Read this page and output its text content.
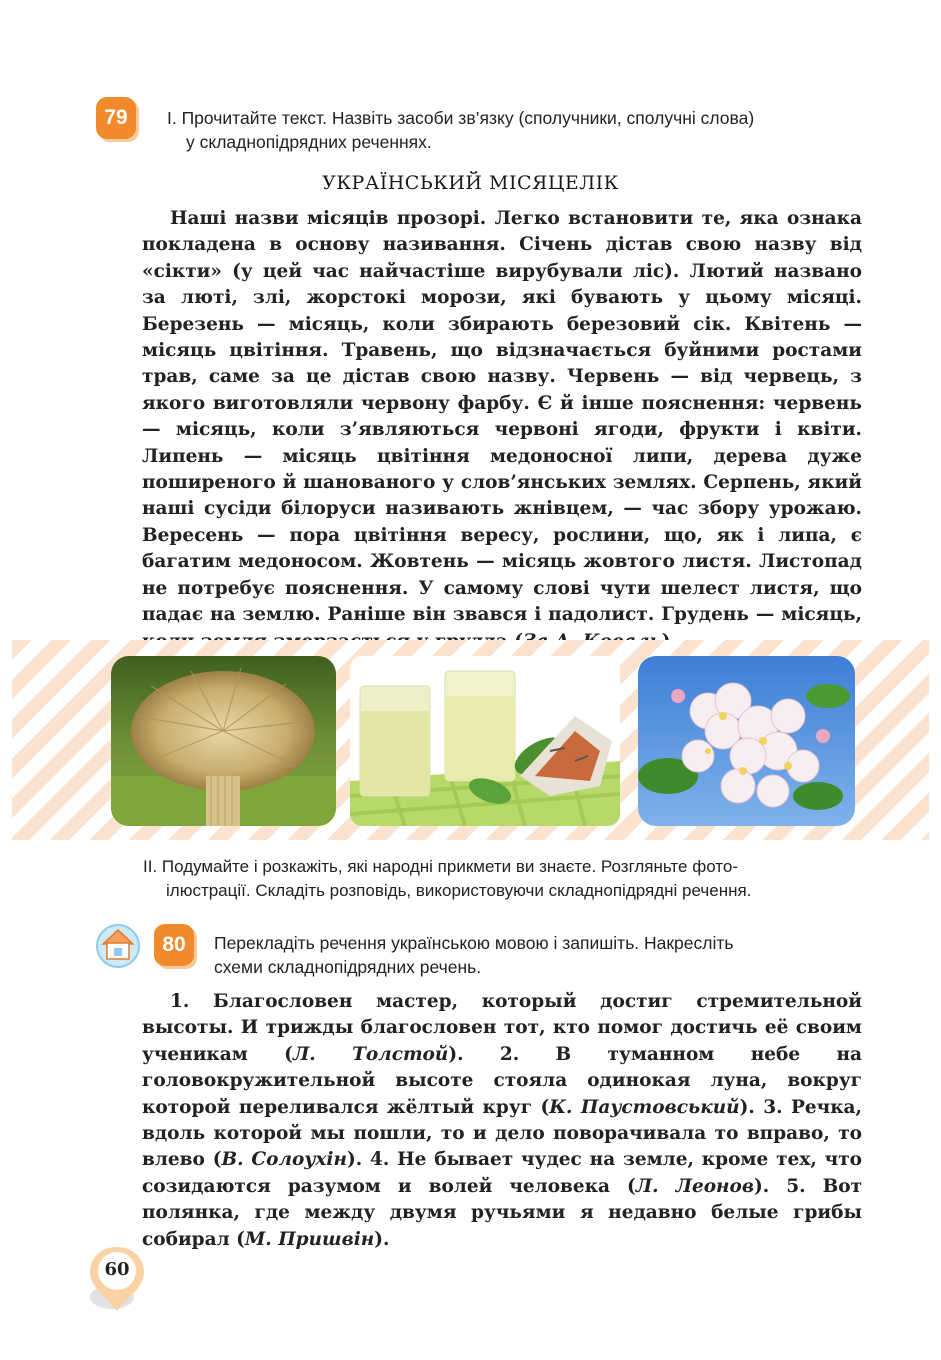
79 І. Прочитайте текст. Назвіть засоби зв’язку (сполучники, сполучні слова)
у складнопідрядних реченнях.
УКРАЇНСЬКИЙ МІСЯЦЕЛІК

Наші назви місяців прозорі. Легко встановити те, яка ознака покладена в основу називання. Січень дістав свою назву від «сікти» (у цей час найчастіше вирубували ліс). Лютий названо за люті, злі, жорстокі морози, які бувають у цьому місяці. Березень — місяць, коли збирають березовий сік. Квітень — місяць цвітіння. Травень, що відзначається буйними ростами трав, саме за це дістав свою назву. Червень — від червець, з якого виготовляли червону фарбу. Є й інше пояснення: червень — місяць, коли з’являються червоні ягоди, фрукти і квіти. Липень — місяць цвітіння медоносної липи, дерева дуже поширеного й шанованого у слов’янських землях. Серпень, який наші сусіди білоруси називають жнівцем, — час збору урожаю. Вересень — пора цвітіння вересу, рослини, що, як і липа, є багатим медоносом. Жовтень — місяць жовтого листя. Листопад не потребує пояснення. У самому слові чути шелест листя, що падає на землю. Раніше він звався і падолист. Грудень — місяць,

ІІ. Подумайте і розкажіть, які народні прикмети ви знаєте. Розгляньте фото-
ілюстрації. Складіть розповідь, використовуючи складнопідрядні речення.
80 Перекладіть речення українською мовою і запишіть. Накресліть
схеми складнопідрядних речень.

1. Благословен мастер, который достиг стремительной высоты. И трижды благословен тот, кто помог достичь её своим ученикам (Л. Толстой). 2. В туманном небе на головокружительной высоте стояла одинокая луна, вокруг которой переливался жёлтый круг (К. Паустовський). 3. Речка, вдоль которой мы пошли, то и дело поворачивала то вправо, то влево (В. Солоухін). 4. Не бывает чудес на земле, кроме тех, что созидаются разумом и волей человека (Л. Леонов). 5. Вот полянка, где между двумя ручьями я недавно белые грибы собирал (М. Пришвін).

60
